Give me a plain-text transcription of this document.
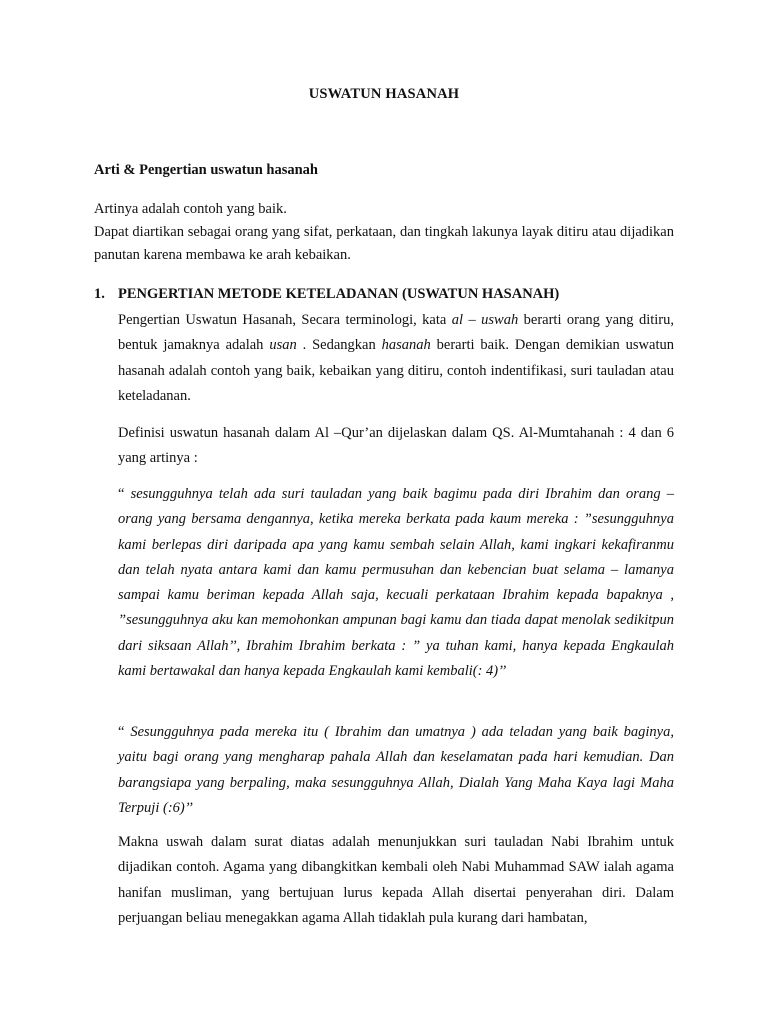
USWATUN HASANAH
Arti & Pengertian uswatun hasanah

Artinya adalah contoh yang baik.

Dapat diartikan sebagai orang yang sifat, perkataan, dan tingkah lakunya layak ditiru atau dijadikan panutan karena membawa ke arah kebaikan.

1. PENGERTIAN METODE KETELADANAN (USWATUN HASANAH)

Pengertian Uswatun Hasanah, Secara terminologi, kata al – uswah berarti orang yang ditiru, bentuk jamaknya adalah usan . Sedangkan hasanah berarti baik. Dengan demikian uswatun hasanah adalah contoh yang baik, kebaikan yang ditiru, contoh indentifikasi, suri tauladan atau keteladanan.

Definisi uswatun hasanah dalam Al –Qur’an dijelaskan dalam QS. Al-Mumtahanah : 4 dan 6 yang artinya :

“ sesungguhnya telah ada suri tauladan yang baik bagimu pada diri Ibrahim dan orang – orang yang bersama dengannya, ketika mereka berkata pada kaum mereka : ”sesungguhnya kami berlepas diri daripada apa yang kamu sembah selain Allah, kami ingkari kekafiranmu dan telah nyata antara kami dan kamu permusuhan dan kebencian buat selama – lamanya sampai kamu beriman kepada Allah saja, kecuali perkataan Ibrahim kepada bapaknya , ”sesungguhnya aku kan memohonkan ampunan bagi kamu dan tiada dapat menolak sedikitpun dari siksaan Allah’’, Ibrahim Ibrahim berkata : ” ya tuhan kami, hanya kepada Engkaulah kami bertawakal dan hanya kepada Engkaulah kami kembali(: 4)’’

“ Sesungguhnya pada mereka itu ( Ibrahim dan umatnya ) ada teladan yang baik baginya, yaitu bagi orang yang mengharap pahala Allah dan keselamatan pada hari kemudian. Dan barangsiapa yang berpaling, maka sesungguhnya Allah, Dialah Yang Maha Kaya lagi Maha Terpuji (:6)’’

Makna uswah dalam surat diatas adalah menunjukkan suri tauladan Nabi Ibrahim untuk dijadikan contoh. Agama yang dibangkitkan kembali oleh Nabi Muhammad SAW ialah agama hanifan musliman, yang bertujuan lurus kepada Allah disertai penyerahan diri. Dalam perjuangan beliau menegakkan agama Allah tidaklah pula kurang dari hambatan,
